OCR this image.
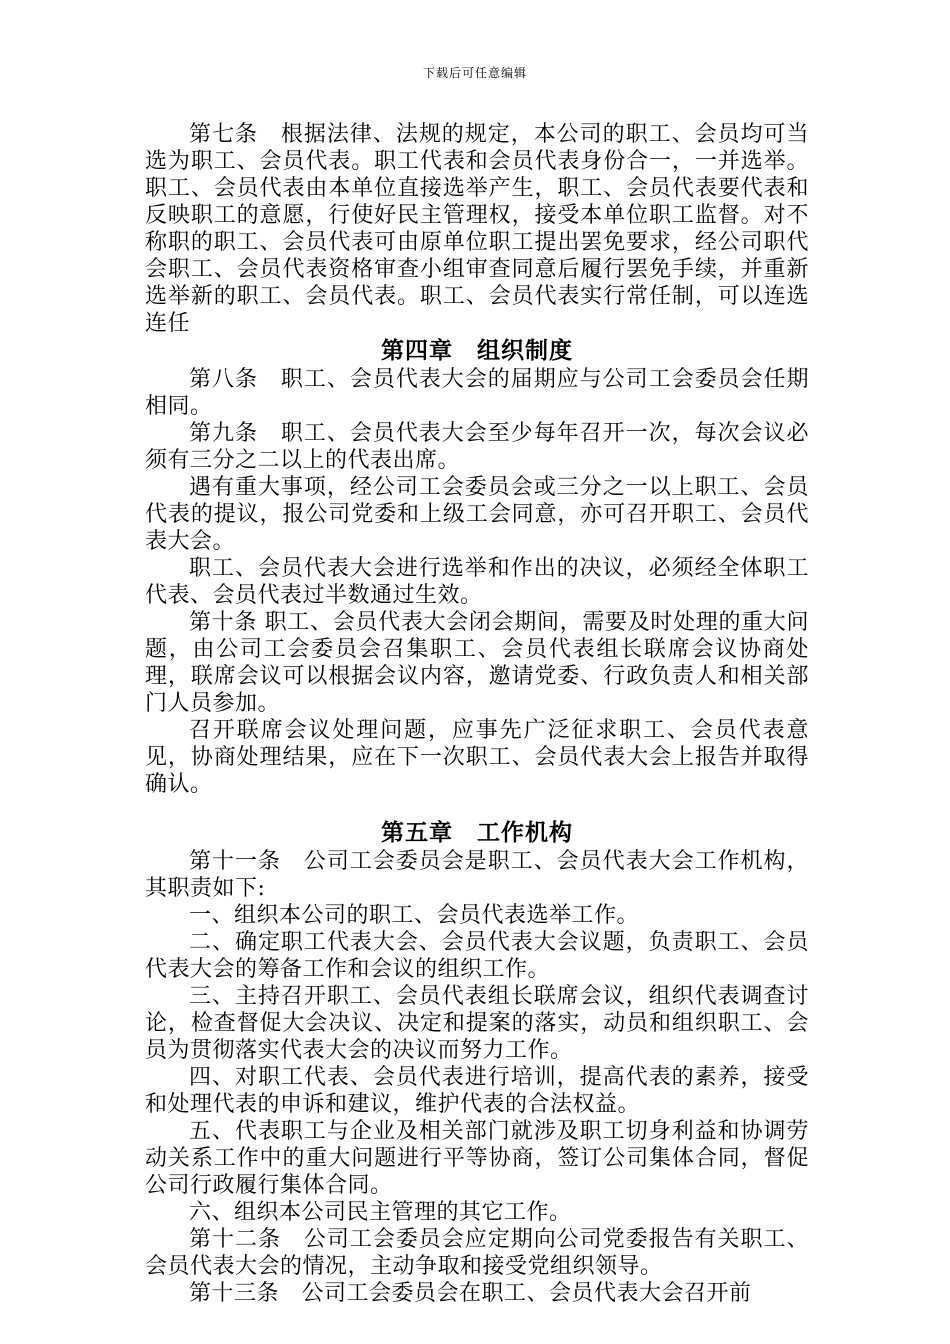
下载后可任意编辑

第七条　根据法律、法规的规定，本公司的职工、会员均可当选为职工、会员代表。职工代表和会员代表身份合一，一并选举。职工、会员代表由本单位直接选举产生，职工、会员代表要代表和反映职工的意愿，行使好民主管理权，接受本单位职工监督。对不称职的职工、会员代表可由原单位职工提出罢免要求，经公司职代会职工、会员代表资格审查小组审查同意后履行罢免手续，并重新选举新的职工、会员代表。职工、会员代表实行常任制，可以连选连任

第四章　组织制度

第八条　职工、会员代表大会的届期应与公司工会委员会任期相同。

第九条　职工、会员代表大会至少每年召开一次，每次会议必须有三分之二以上的代表出席。

遇有重大事项，经公司工会委员会或三分之一以上职工、会员代表的提议，报公司党委和上级工会同意，亦可召开职工、会员代表大会。

职工、会员代表大会进行选举和作出的决议，必须经全体职工代表、会员代表过半数通过生效。

第十条 职工、会员代表大会闭会期间，需要及时处理的重大问题，由公司工会委员会召集职工、会员代表组长联席会议协商处理，联席会议可以根据会议内容，邀请党委、行政负责人和相关部门人员参加。

召开联席会议处理问题，应事先广泛征求职工、会员代表意见，协商处理结果，应在下一次职工、会员代表大会上报告并取得确认。

第五章　工作机构

第十一条　公司工会委员会是职工、会员代表大会工作机构，其职责如下:

一、组织本公司的职工、会员代表选举工作。

二、确定职工代表大会、会员代表大会议题，负责职工、会员代表大会的筹备工作和会议的组织工作。

三、主持召开职工、会员代表组长联席会议，组织代表调查讨论，检查督促大会决议、决定和提案的落实，动员和组织职工、会员为贯彻落实代表大会的决议而努力工作。

四、对职工代表、会员代表进行培训，提高代表的素养，接受和处理代表的申诉和建议，维护代表的合法权益。

五、代表职工与企业及相关部门就涉及职工切身利益和协调劳动关系工作中的重大问题进行平等协商，签订公司集体合同，督促公司行政履行集体合同。

六、组织本公司民主管理的其它工作。

第十二条　公司工会委员会应定期向公司党委报告有关职工、会员代表大会的情况，主动争取和接受党组织领导。

第十三条　公司工会委员会在职工、会员代表大会召开前
